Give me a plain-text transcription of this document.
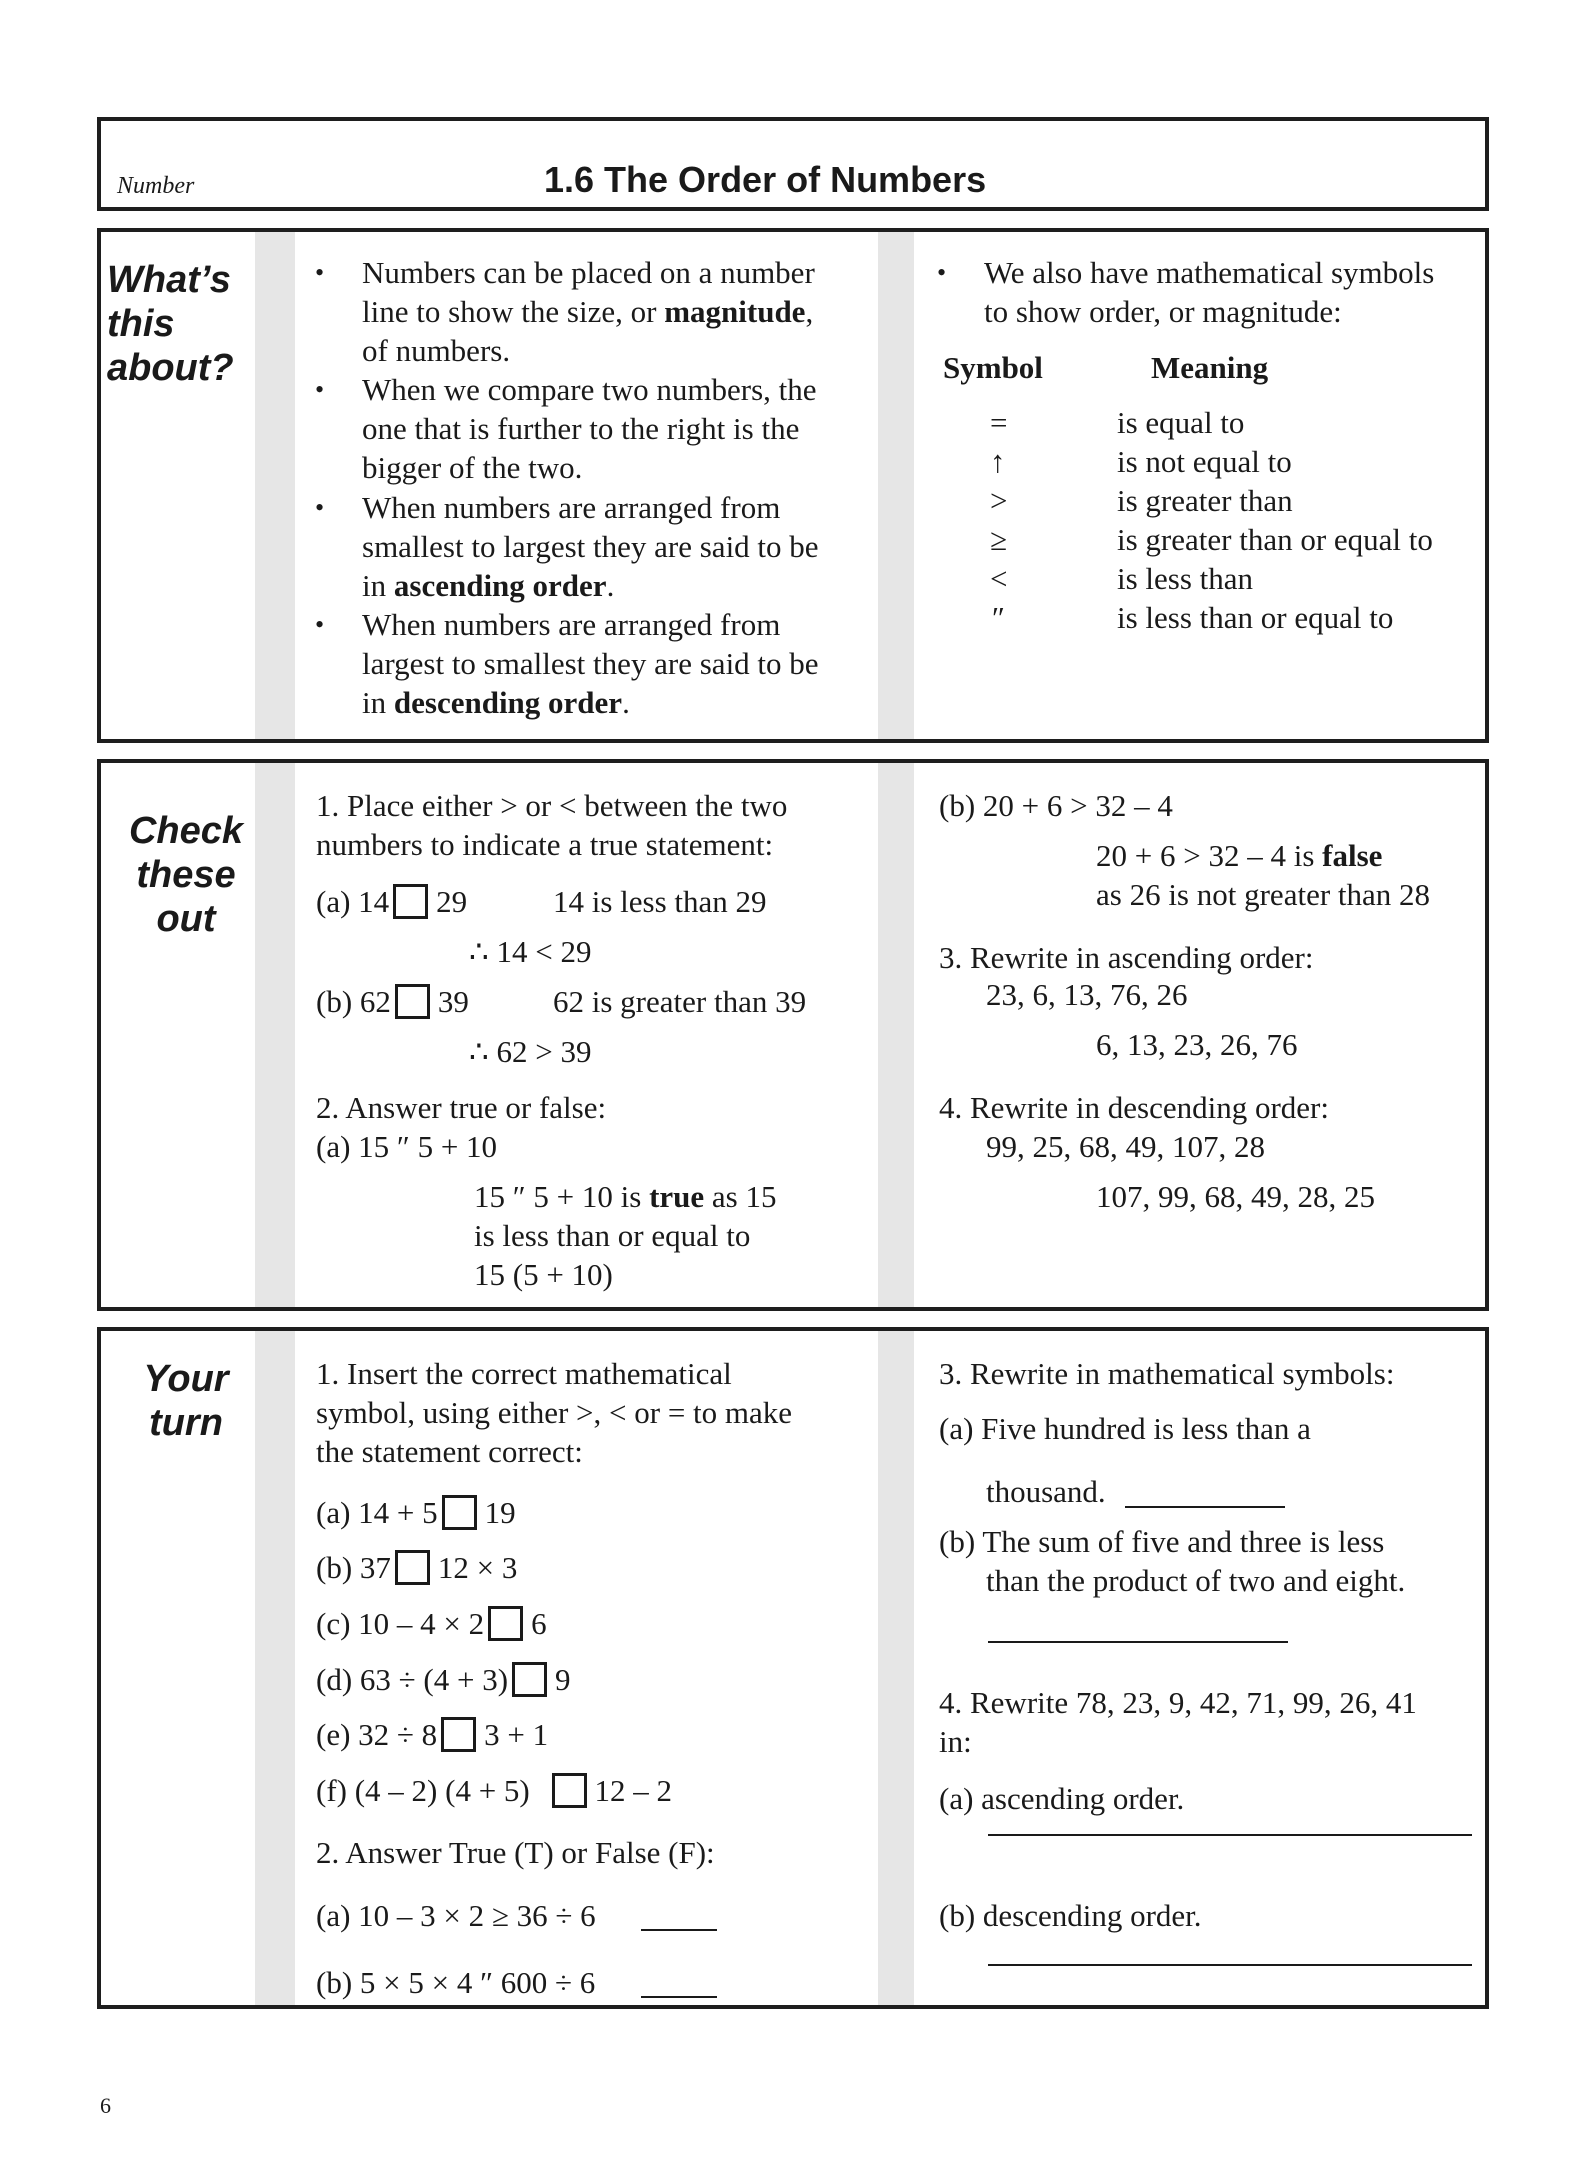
Number	1.6 The Order of Numbers
What’s
this
about?
• Numbers can be placed on a number
line to show the size, or magnitude,
of numbers.
• When we compare two numbers, the
one that is further to the right is the
bigger of the two.
• When numbers are arranged from
smallest to largest they are said to be
in ascending order.
• When numbers are arranged from
largest to smallest they are said to be
in descending order.
• We also have mathematical symbols
to show order, or magnitude:
Symbol	Meaning
=	is equal to
↑	is not equal to
>	is greater than
≥	is greater than or equal to
<	is less than
″	is less than or equal to
Check
these
out
1. Place either > or < between the two
numbers to indicate a true statement:
(a) 14 29	14 is less than 29
∴ 14 < 29
(b) 62 39	62 is greater than 39
∴ 62 > 39
2. Answer true or false:
(a) 15 ″ 5 + 10
15 ″ 5 + 10 is true as 15
is less than or equal to
15 (5 + 10)
(b) 20 + 6 > 32 – 4
20 + 6 > 32 – 4 is false
as 26 is not greater than 28
3. Rewrite in ascending order:
23, 6, 13, 76, 26
6, 13, 23, 26, 76
4. Rewrite in descending order:
99, 25, 68, 49, 107, 28
107, 99, 68, 49, 28, 25
Your
turn
1. Insert the correct mathematical
symbol, using either >, < or = to make
the statement correct:
(a) 14 + 5 19
(b) 37 12 × 3
(c) 10 – 4 × 2 6
(d) 63 ÷ (4 + 3) 9
(e) 32 ÷ 8 3 + 1
(f) (4 – 2) (4 + 5) 12 – 2
2. Answer True (T) or False (F):
(a) 10 – 3 × 2 ≥ 36 ÷ 6
(b) 5 × 5 × 4 ″ 600 ÷ 6
3. Rewrite in mathematical symbols:
(a) Five hundred is less than a
thousand.
(b) The sum of five and three is less
than the product of two and eight.
4. Rewrite 78, 23, 9, 42, 71, 99, 26, 41
in:
(a) ascending order.
(b) descending order.
6
